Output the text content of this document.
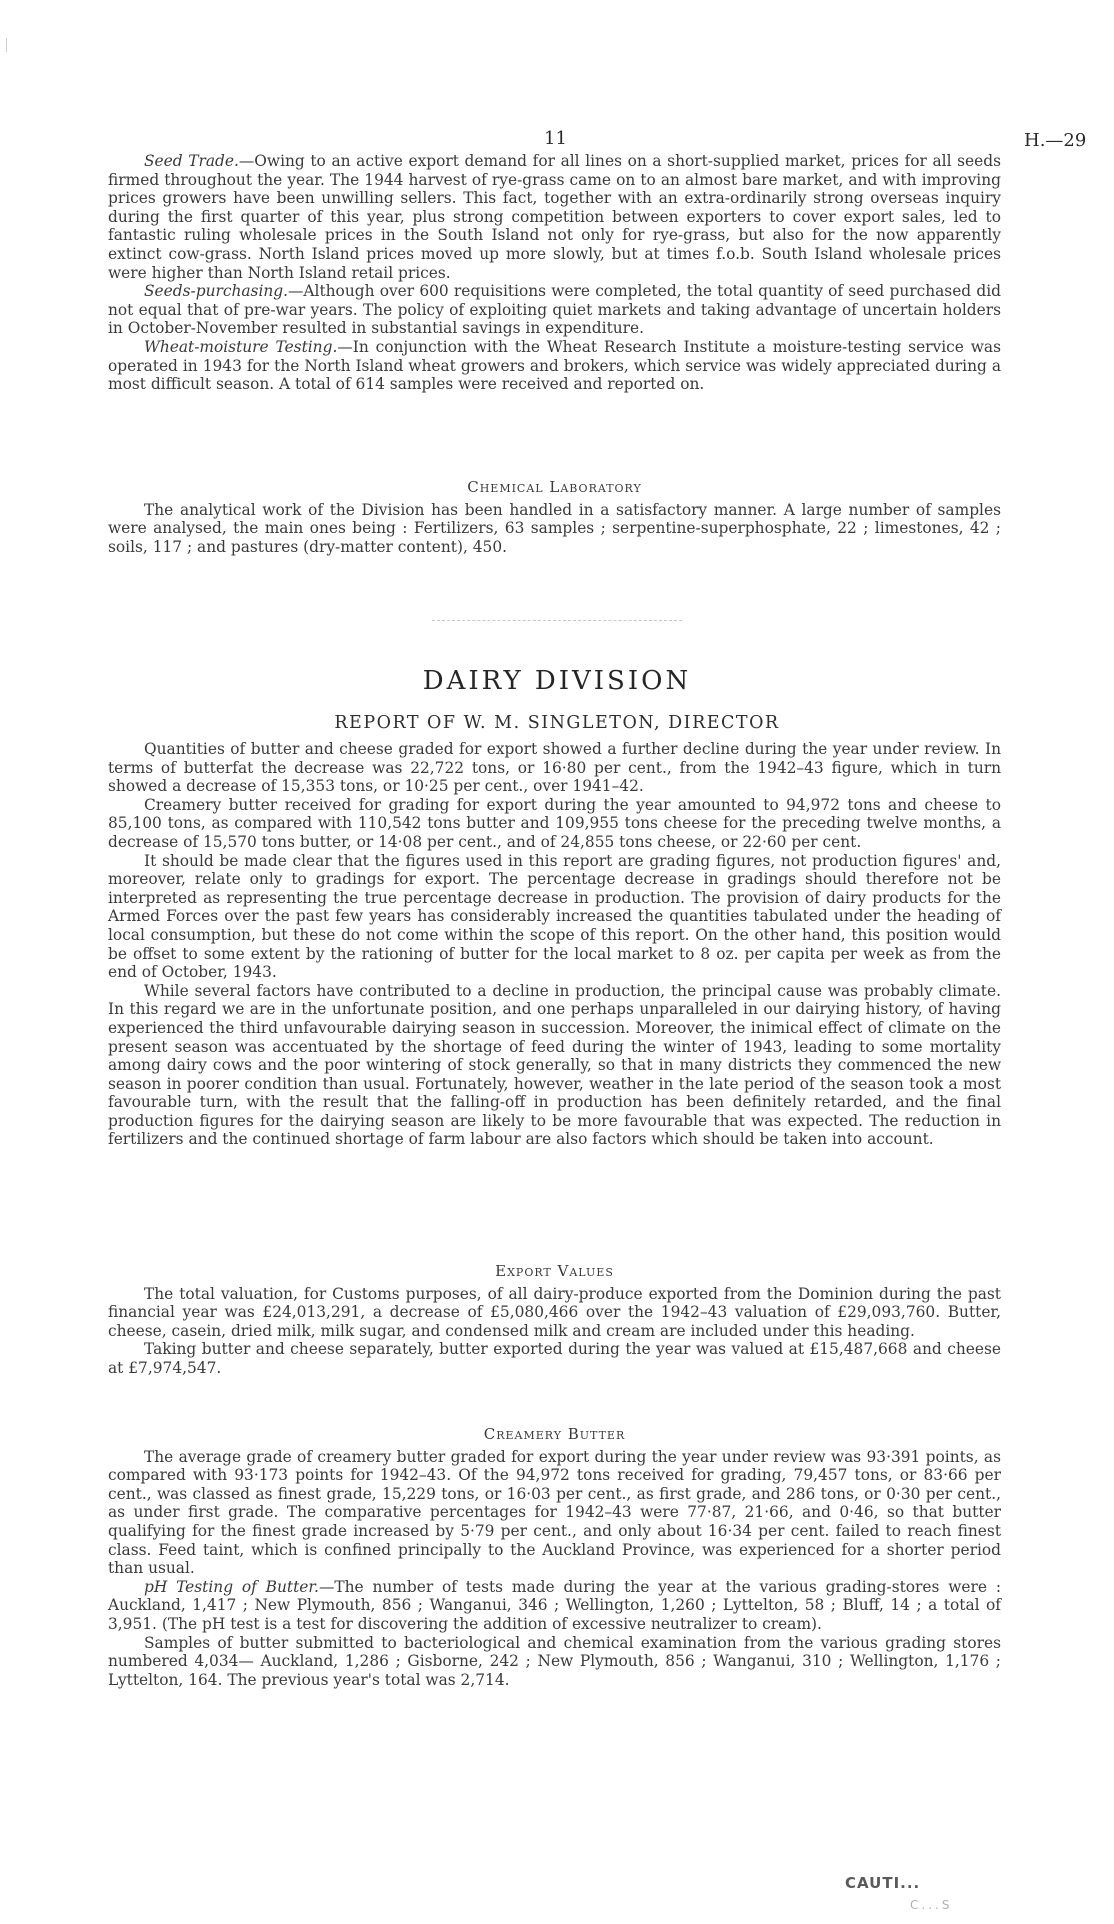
11	H.—29

Seed Trade.—Owing to an active export demand for all lines on a short-supplied market, prices for all seeds firmed throughout the year. The 1944 harvest of rye-grass came on to an almost bare market, and with improving prices growers have been unwilling sellers. This fact, together with an extra-ordinarily strong overseas inquiry during the first quarter of this year, plus strong competition between exporters to cover export sales, led to fantastic ruling wholesale prices in the South Island not only for rye-grass, but also for the now apparently extinct cow-grass. North Island prices moved up more slowly, but at times f.o.b. South Island wholesale prices were higher than North Island retail prices.

Seeds-purchasing.—Although over 600 requisitions were completed, the total quantity of seed purchased did not equal that of pre-war years. The policy of exploiting quiet markets and taking advantage of uncertain holders in October-November resulted in substantial savings in expenditure.

Wheat-moisture Testing.—In conjunction with the Wheat Research Institute a moisture-testing service was operated in 1943 for the North Island wheat growers and brokers, which service was widely appreciated during a most difficult season. A total of 614 samples were received and reported on.

Chemical Laboratory

The analytical work of the Division has been handled in a satisfactory manner. A large number of samples were analysed, the main ones being : Fertilizers, 63 samples ; serpentine-superphosphate, 22 ; limestones, 42 ; soils, 117 ; and pastures (dry-matter content), 450.

DAIRY DIVISION
REPORT OF W. M. SINGLETON, DIRECTOR

Quantities of butter and cheese graded for export showed a further decline during the year under review. In terms of butterfat the decrease was 22,722 tons, or 16·80 per cent., from the 1942–43 figure, which in turn showed a decrease of 15,353 tons, or 10·25 per cent., over 1941–42.

Creamery butter received for grading for export during the year amounted to 94,972 tons and cheese to 85,100 tons, as compared with 110,542 tons butter and 109,955 tons cheese for the preceding twelve months, a decrease of 15,570 tons butter, or 14·08 per cent., and of 24,855 tons cheese, or 22·60 per cent.

It should be made clear that the figures used in this report are grading figures, not production figures' and, moreover, relate only to gradings for export. The percentage decrease in gradings should therefore not be interpreted as representing the true percentage decrease in production. The provision of dairy products for the Armed Forces over the past few years has considerably increased the quantities tabulated under the heading of local consumption, but these do not come within the scope of this report. On the other hand, this position would be offset to some extent by the rationing of butter for the local market to 8 oz. per capita per week as from the end of October, 1943.

While several factors have contributed to a decline in production, the principal cause was probably climate. In this regard we are in the unfortunate position, and one perhaps unparalleled in our dairying history, of having experienced the third unfavourable dairying season in succession. Moreover, the inimical effect of climate on the present season was accentuated by the shortage of feed during the winter of 1943, leading to some mortality among dairy cows and the poor wintering of stock generally, so that in many districts they commenced the new season in poorer condition than usual. Fortunately, however, weather in the late period of the season took a most favourable turn, with the result that the falling-off in production has been definitely retarded, and the final production figures for the dairying season are likely to be more favourable that was expected. The reduction in fertilizers and the continued shortage of farm labour are also factors which should be taken into account.

Export Values

The total valuation, for Customs purposes, of all dairy-produce exported from the Dominion during the past financial year was £24,013,291, a decrease of £5,080,466 over the 1942–43 valuation of £29,093,760. Butter, cheese, casein, dried milk, milk sugar, and condensed milk and cream are included under this heading.

Taking butter and cheese separately, butter exported during the year was valued at £15,487,668 and cheese at £7,974,547.

Creamery Butter

The average grade of creamery butter graded for export during the year under review was 93·391 points, as compared with 93·173 points for 1942–43. Of the 94,972 tons received for grading, 79,457 tons, or 83·66 per cent., was classed as finest grade, 15,229 tons, or 16·03 per cent., as first grade, and 286 tons, or 0·30 per cent., as under first grade. The comparative percentages for 1942–43 were 77·87, 21·66, and 0·46, so that butter qualifying for the finest grade increased by 5·79 per cent., and only about 16·34 per cent. failed to reach finest class. Feed taint, which is confined principally to the Auckland Province, was experienced for a shorter period than usual.

pH Testing of Butter.—The number of tests made during the year at the various grading-stores were : Auckland, 1,417 ; New Plymouth, 856 ; Wanganui, 346 ; Wellington, 1,260 ; Lyttelton, 58 ; Bluff, 14 ; a total of 3,951. (The pH test is a test for discovering the addition of excessive neutralizer to cream).

Samples of butter submitted to bacteriological and chemical examination from the various grading stores numbered 4,034— Auckland, 1,286 ; Gisborne, 242 ; New Plymouth, 856 ; Wanganui, 310 ; Wellington, 1,176 ; Lyttelton, 164. The previous year's total was 2,714.

CAUTI...
C...S
